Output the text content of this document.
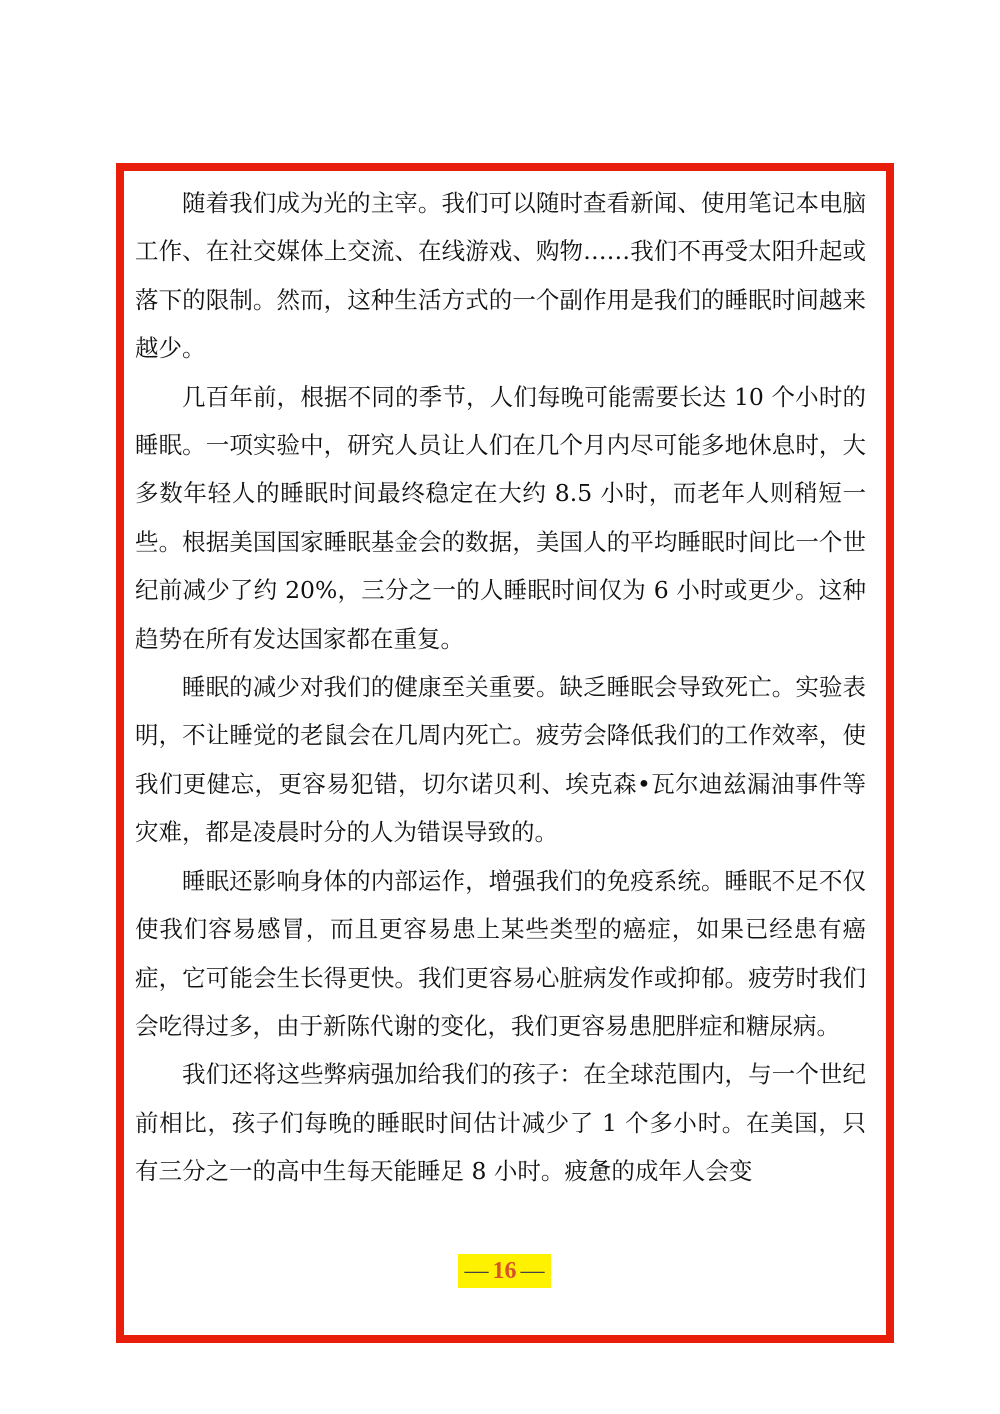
随着我们成为光的主宰。我们可以随时查看新闻、使用笔记本电脑工作、在社交媒体上交流、在线游戏、购物……我们不再受太阳升起或落下的限制。然而，这种生活方式的一个副作用是我们的睡眠时间越来越少。

几百年前，根据不同的季节，人们每晚可能需要长达 10 个小时的睡眠。一项实验中，研究人员让人们在几个月内尽可能多地休息时，大多数年轻人的睡眠时间最终稳定在大约 8.5 小时，而老年人则稍短一些。根据美国国家睡眠基金会的数据，美国人的平均睡眠时间比一个世纪前减少了约 20%，三分之一的人睡眠时间仅为 6 小时或更少。这种趋势在所有发达国家都在重复。

睡眠的减少对我们的健康至关重要。缺乏睡眠会导致死亡。实验表明，不让睡觉的老鼠会在几周内死亡。疲劳会降低我们的工作效率，使我们更健忘，更容易犯错，切尔诺贝利、埃克森•瓦尔迪兹漏油事件等灾难，都是凌晨时分的人为错误导致的。

睡眠还影响身体的内部运作，增强我们的免疫系统。睡眠不足不仅使我们容易感冒，而且更容易患上某些类型的癌症，如果已经患有癌症，它可能会生长得更快。我们更容易心脏病发作或抑郁。疲劳时我们会吃得过多，由于新陈代谢的变化，我们更容易患肥胖症和糖尿病。

我们还将这些弊病强加给我们的孩子：在全球范围内，与一个世纪前相比，孩子们每晚的睡眠时间估计减少了 1 个多小时。在美国，只有三分之一的高中生每天能睡足 8 小时。疲惫的成年人会变

— 16 —
